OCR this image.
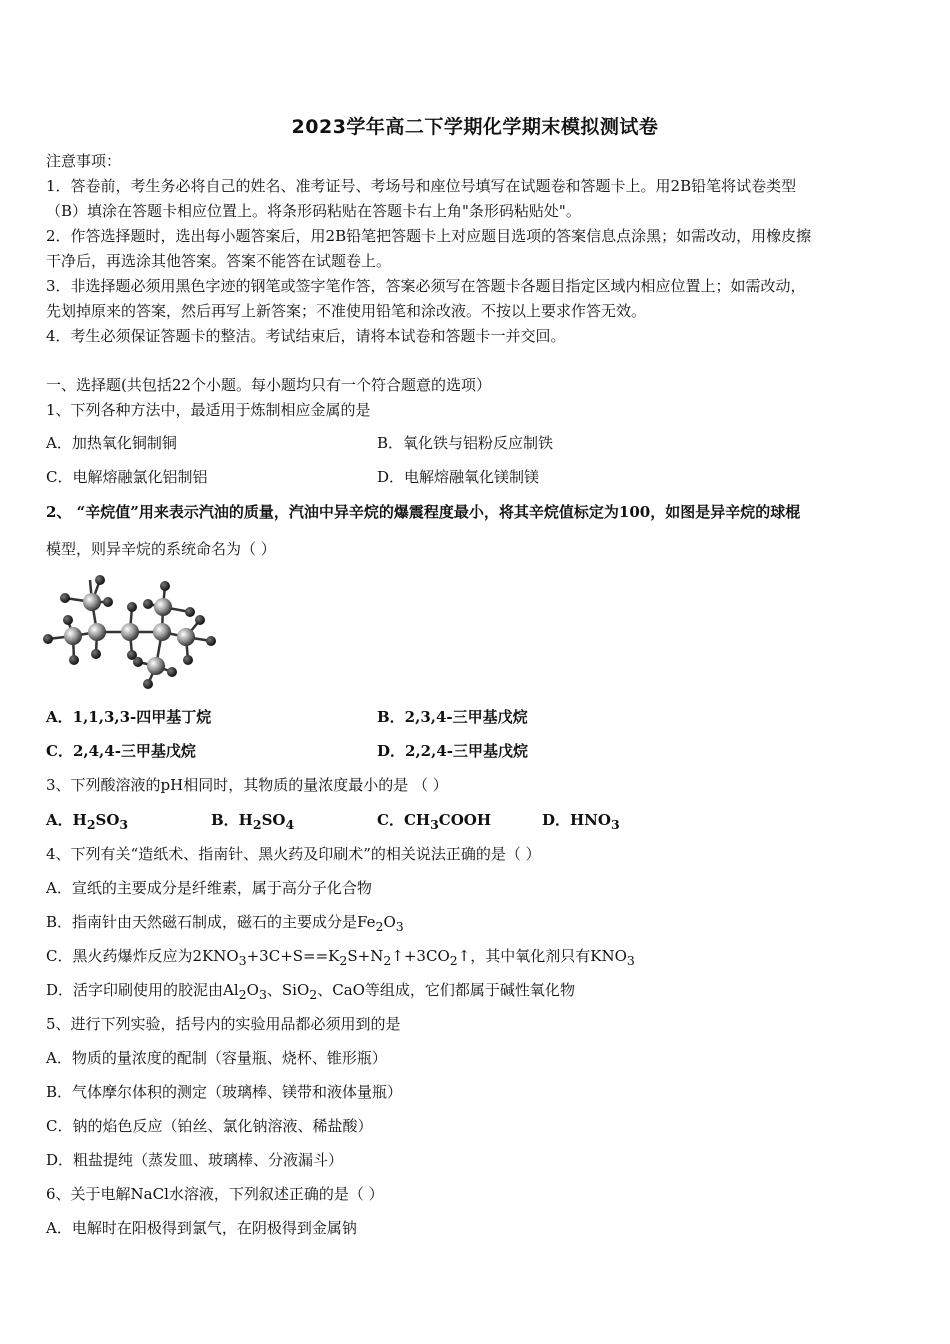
2023学年高二下学期化学期末模拟测试卷
注意事项：
1．答卷前，考生务必将自己的姓名、准考证号、考场号和座位号填写在试题卷和答题卡上。用2B铅笔将试卷类型
（B）填涂在答题卡相应位置上。将条形码粘贴在答题卡右上角"条形码粘贴处"。
2．作答选择题时，选出每小题答案后，用2B铅笔把答题卡上对应题目选项的答案信息点涂黑；如需改动，用橡皮擦
干净后，再选涂其他答案。答案不能答在试题卷上。
3．非选择题必须用黑色字迹的钢笔或签字笔作答，答案必须写在答题卡各题目指定区域内相应位置上；如需改动，
先划掉原来的答案，然后再写上新答案；不准使用铅笔和涂改液。不按以上要求作答无效。
4．考生必须保证答题卡的整洁。考试结束后，请将本试卷和答题卡一并交回。
一、选择题(共包括22个小题。每小题均只有一个符合题意的选项）
1、下列各种方法中，最适用于炼制相应金属的是
A．加热氧化铜制铜	B．氧化铁与铝粉反应制铁
C．电解熔融氯化铝制铝	D．电解熔融氧化镁制镁
2、 “辛烷值”用来表示汽油的质量，汽油中异辛烷的爆震程度最小，将其辛烷值标定为100，如图是异辛烷的球棍
模型，则异辛烷的系统命名为（ ）
A．1,1,3,3-四甲基丁烷	B．2,3,4-三甲基戊烷
C．2,4,4-三甲基戊烷	D．2,2,4-三甲基戊烷
3、下列酸溶液的pH相同时，其物质的量浓度最小的是 （ ）
A．$H_2SO_3$	B．$H_2SO_4$	C．$CH_3COOH$	D．$HNO_3$
4、下列有关“造纸术、指南针、黑火药及印刷术”的相关说法正确的是（ ）
A．宣纸的主要成分是纤维素，属于高分子化合物
B．指南针由天然磁石制成，磁石的主要成分是$Fe_2O_3$
C．黑火药爆炸反应为$2KNO_3+3C+S==K_2S+N_2↑+3CO_2↑$，其中氧化剂只有$KNO_3$
D．活字印刷使用的胶泥由$Al_2O_3$、SiO$_2$、CaO等组成，它们都属于碱性氧化物
5、进行下列实验，括号内的实验用品都必须用到的是
A．物质的量浓度的配制（容量瓶、烧杯、锥形瓶）
B．气体摩尔体积的测定（玻璃棒、镁带和液体量瓶）
C．钠的焰色反应（铂丝、氯化钠溶液、稀盐酸）
D．粗盐提纯（蒸发皿、玻璃棒、分液漏斗）
6、关于电解NaCl水溶液，下列叙述正确的是（ ）
A．电解时在阳极得到氯气，在阴极得到金属钠
